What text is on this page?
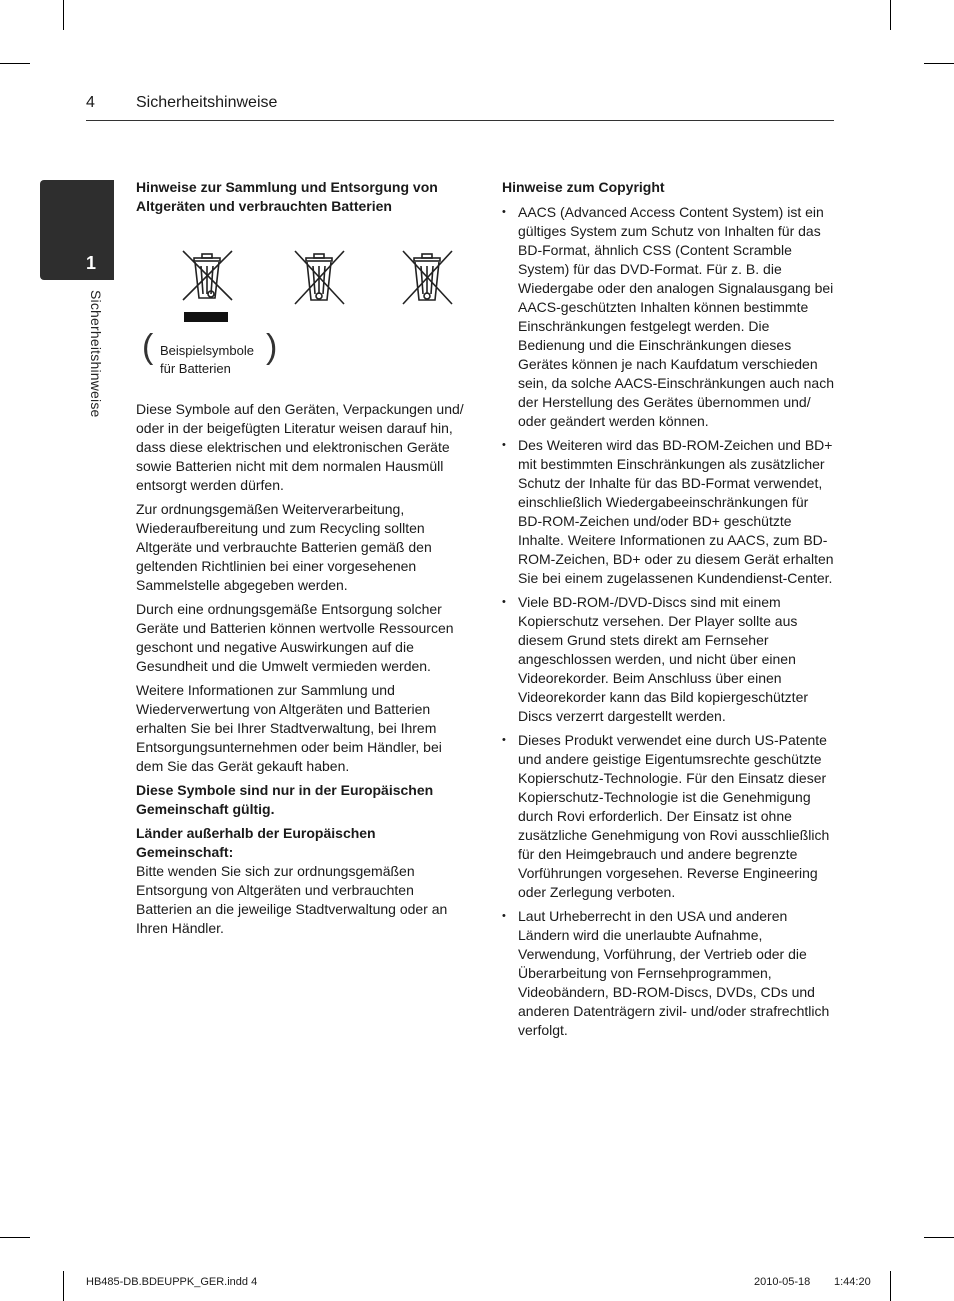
4	Sicherheitshinweise
1
Sicherheitshinweise
Hinweise zur Sammlung und Entsorgung von Altgeräten und verbrauchten Batterien
( Beispielsymbole für Batterien
)
Diese Symbole auf den Geräten, Verpackungen und/ oder in der beigefügten Literatur weisen darauf hin, dass diese elektrischen und elektronischen Geräte sowie Batterien nicht mit dem normalen Hausmüll entsorgt werden dürfen.
Zur ordnungsgemäßen Weiterverarbeitung, Wiederaufbereitung und zum Recycling sollten Altgeräte und verbrauchte Batterien gemäß den geltenden Richtlinien bei einer vorgesehenen Sammelstelle abgegeben werden.
Durch eine ordnungsgemäße Entsorgung solcher Geräte und Batterien können wertvolle Ressourcen geschont und negative Auswirkungen auf die Gesundheit und die Umwelt vermieden werden.
Weitere Informationen zur Sammlung und Wiederverwertung von Altgeräten und Batterien erhalten Sie bei Ihrer Stadtverwaltung, bei Ihrem Entsorgungsunternehmen oder beim Händler, bei dem Sie das Gerät gekauft haben.
Diese Symbole sind nur in der Europäischen Gemeinschaft gültig.
Länder außerhalb der Europäischen Gemeinschaft:
Bitte wenden Sie sich zur ordnungsgemäßen Entsorgung von Altgeräten und verbrauchten Batterien an die jeweilige Stadtverwaltung oder an Ihren Händler.
Hinweise zum Copyright
• AACS (Advanced Access Content System) ist ein gültiges System zum Schutz von Inhalten für das BD-Format, ähnlich CSS (Content Scramble System) für das DVD-Format. Für z. B. die Wiedergabe oder den analogen Signalausgang bei AACS-geschützten Inhalten können bestimmte Einschränkungen festgelegt werden. Die Bedienung und die Einschränkungen dieses Gerätes können je nach Kaufdatum verschieden sein, da solche AACS-Einschränkungen auch nach der Herstellung des Gerätes übernommen und/ oder geändert werden können.
• Des Weiteren wird das BD-ROM-Zeichen und BD+ mit bestimmten Einschränkungen als zusätzlicher Schutz der Inhalte für das BD-Format verwendet, einschließlich Wiedergabeeinschränkungen für BD-ROM-Zeichen und/oder BD+ geschützte Inhalte. Weitere Informationen zu AACS, zum BD-ROM-Zeichen, BD+ oder zu diesem Gerät erhalten Sie bei einem zugelassenen Kundendienst-Center.
• Viele BD-ROM-/DVD-Discs sind mit einem Kopierschutz versehen. Der Player sollte aus diesem Grund stets direkt am Fernseher angeschlossen werden, und nicht über einen Videorekorder. Beim Anschluss über einen Videorekorder kann das Bild kopiergeschützter Discs verzerrt dargestellt werden.
• Dieses Produkt verwendet eine durch US-Patente und andere geistige Eigentumsrechte geschützte Kopierschutz-Technologie. Für den Einsatz dieser Kopierschutz-Technologie ist die Genehmigung durch Rovi erforderlich. Der Einsatz ist ohne zusätzliche Genehmigung von Rovi ausschließlich für den Heimgebrauch und andere begrenzte Vorführungen vorgesehen. Reverse Engineering oder Zerlegung verboten.
• Laut Urheberrecht in den USA und anderen Ländern wird die unerlaubte Aufnahme, Verwendung, Vorführung, der Vertrieb oder die Überarbeitung von Fernsehprogrammen, Videobändern, BD-ROM-Discs, DVDs, CDs und anderen Datenträgern zivil- und/oder strafrechtlich verfolgt.
HB485-DB.BDEUPPK_GER.indd 4	2010-05-18 1:44:20
